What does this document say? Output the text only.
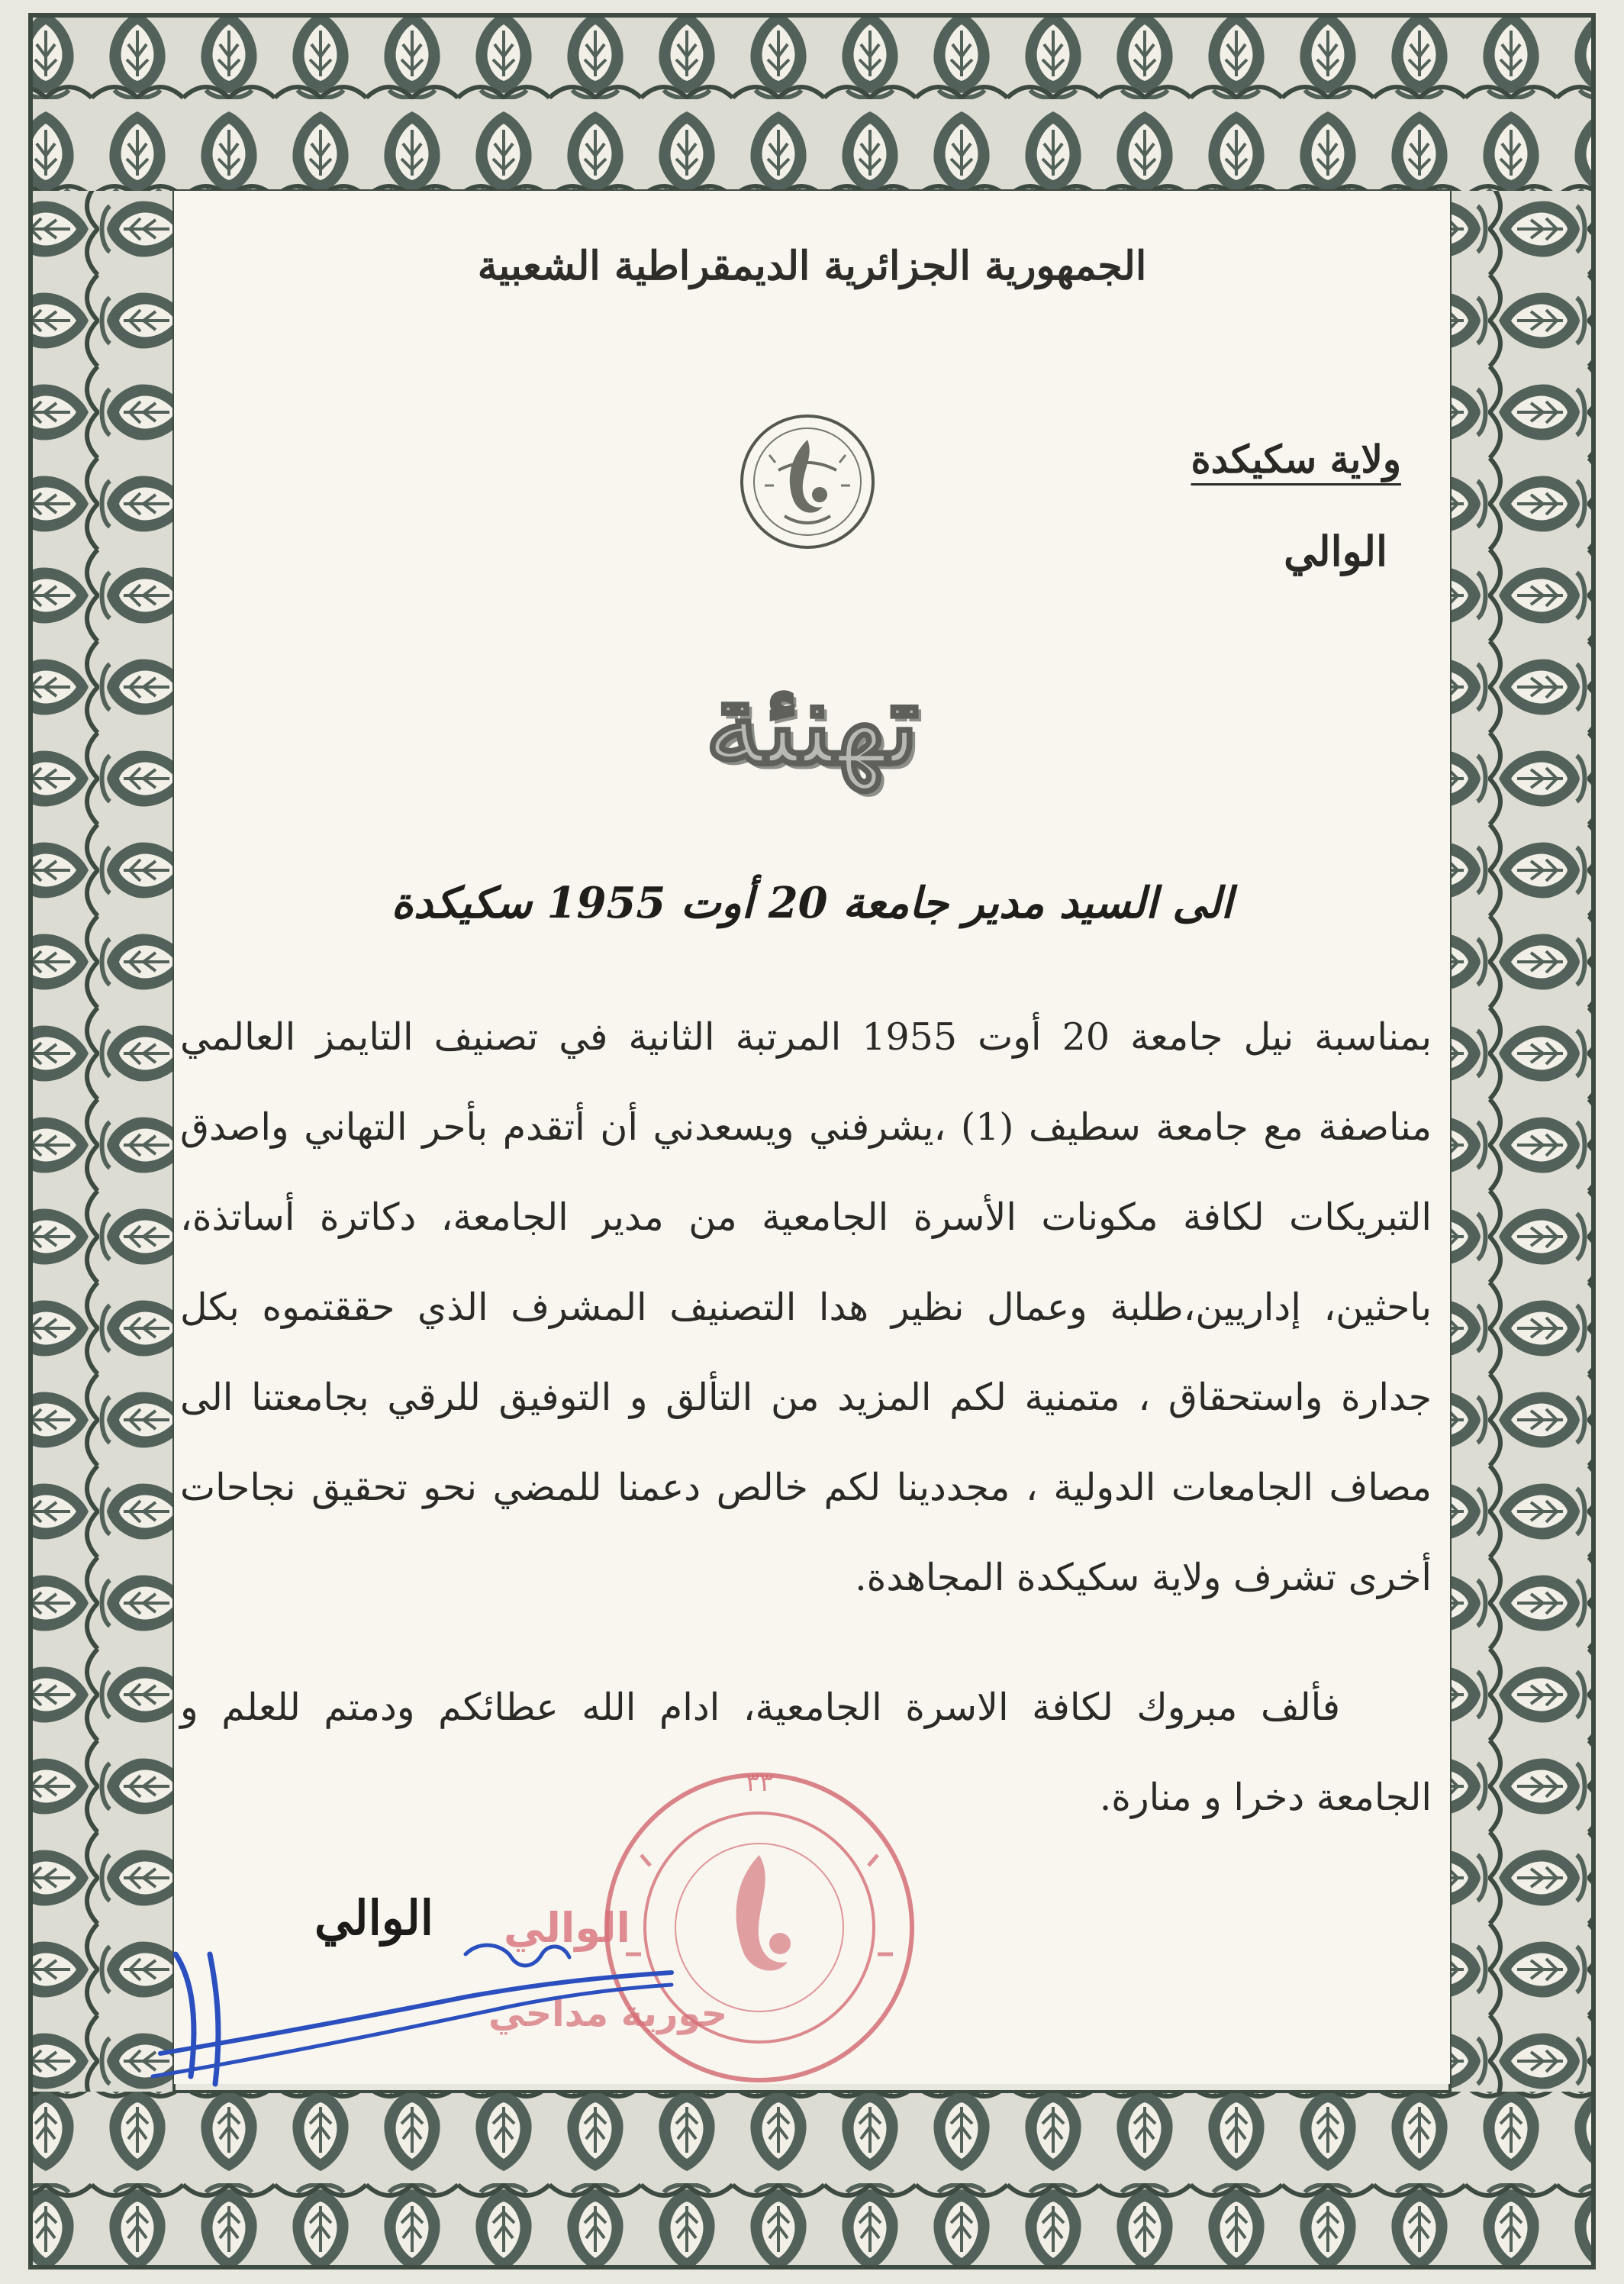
الجمهورية الجزائرية الديمقراطية الشعبية
ولاية سكيكدة
الوالي
تهنئة
الى السيد مدير جامعة 20 أوت 1955 سكيكدة
بمناسبة نيل جامعة 20 أوت 1955 المرتبة الثانية في تصنيف التايمز العالمي مناصفة مع جامعة سطيف (1) ،يشرفني ويسعدني أن أتقدم بأحر التهاني واصدق التبريكات لكافة مكونات الأسرة الجامعية من مدير الجامعة، دكاترة أساتذة، باحثين، إداريين،طلبة وعمال نظير هدا التصنيف المشرف الذي حققتموه بكل جدارة واستحقاق ، متمنية لكم المزيد من التألق و التوفيق للرقي بجامعتنا الى مصاف الجامعات الدولية ، مجددينا لكم خالص دعمنا للمضي نحو تحقيق نجاحات أخرى تشرف ولاية سكيكدة المجاهدة.
فألف مبروك لكافة الاسرة الجامعية، ادام الله عطائكم ودمتم للعلم و الجامعة دخرا و منارة.
٣٣
الوالي
حورية مداحي
الوالي
